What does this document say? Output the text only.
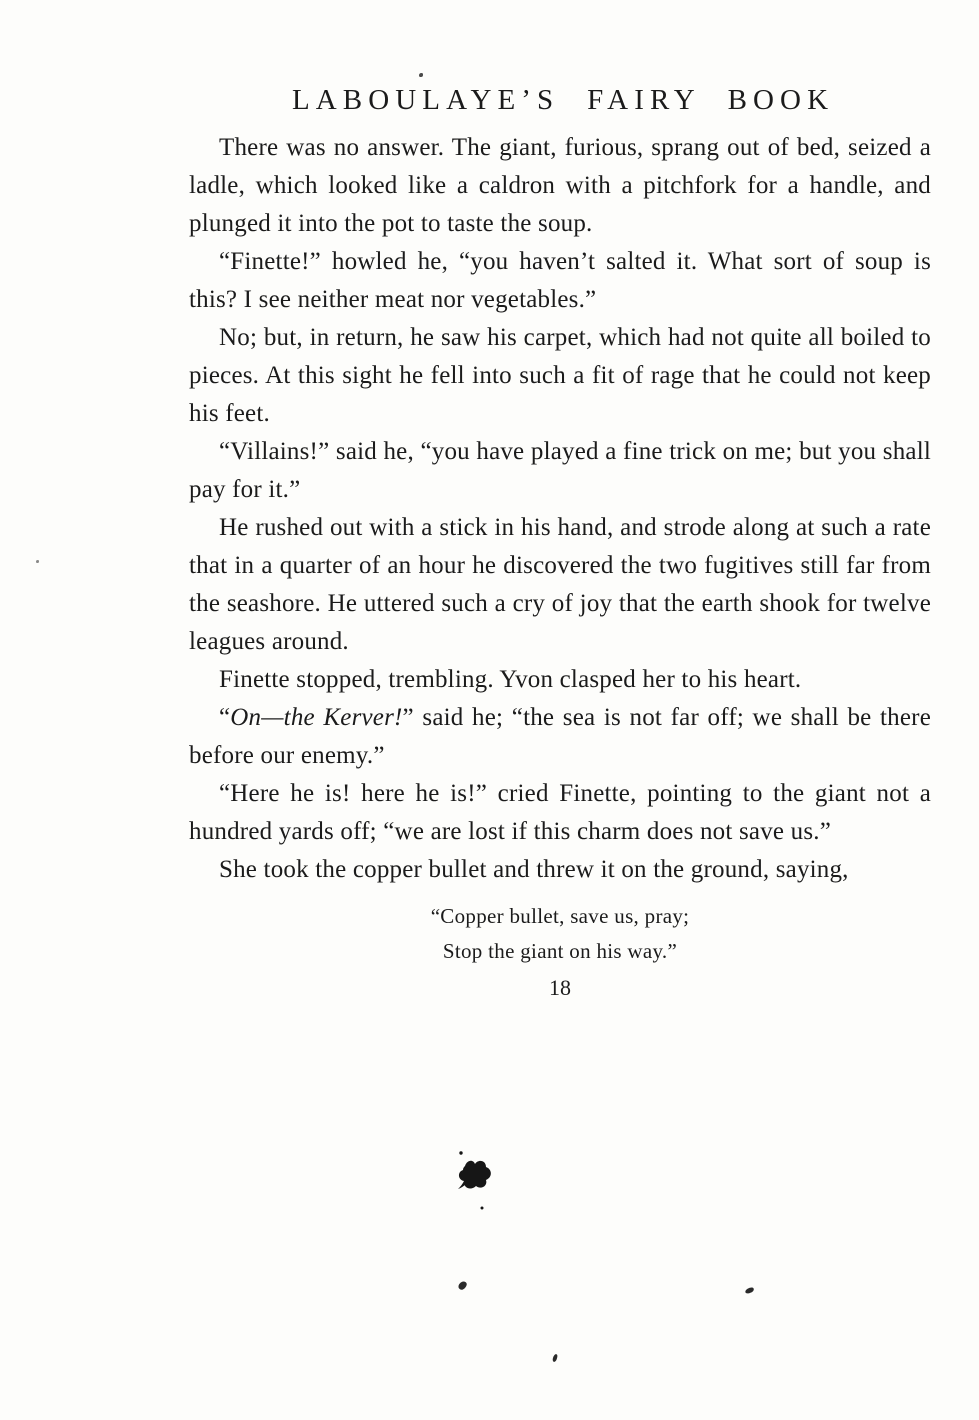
LABOULAYE’S FAIRY BOOK

There was no answer. The giant, furious, sprang out of bed, seized a ladle, which looked like a caldron with a pitchfork for a handle, and plunged it into the pot to taste the soup.

“Finette!” howled he, “you haven’t salted it. What sort of soup is this? I see neither meat nor vegetables.”

No; but, in return, he saw his carpet, which had not quite all boiled to pieces. At this sight he fell into such a fit of rage that he could not keep his feet.

“Villains!” said he, “you have played a fine trick on me; but you shall pay for it.”

He rushed out with a stick in his hand, and strode along at such a rate that in a quarter of an hour he discovered the two fugitives still far from the seashore. He uttered such a cry of joy that the earth shook for twelve leagues around.

Finette stopped, trembling. Yvon clasped her to his heart.

“On—the Kerver!” said he; “the sea is not far off; we shall be there before our enemy.”

“Here he is! here he is!” cried Finette, pointing to the giant not a hundred yards off; “we are lost if this charm does not save us.”

She took the copper bullet and threw it on the ground, saying,

“Copper bullet, save us, pray;
Stop the giant on his way.”
18
